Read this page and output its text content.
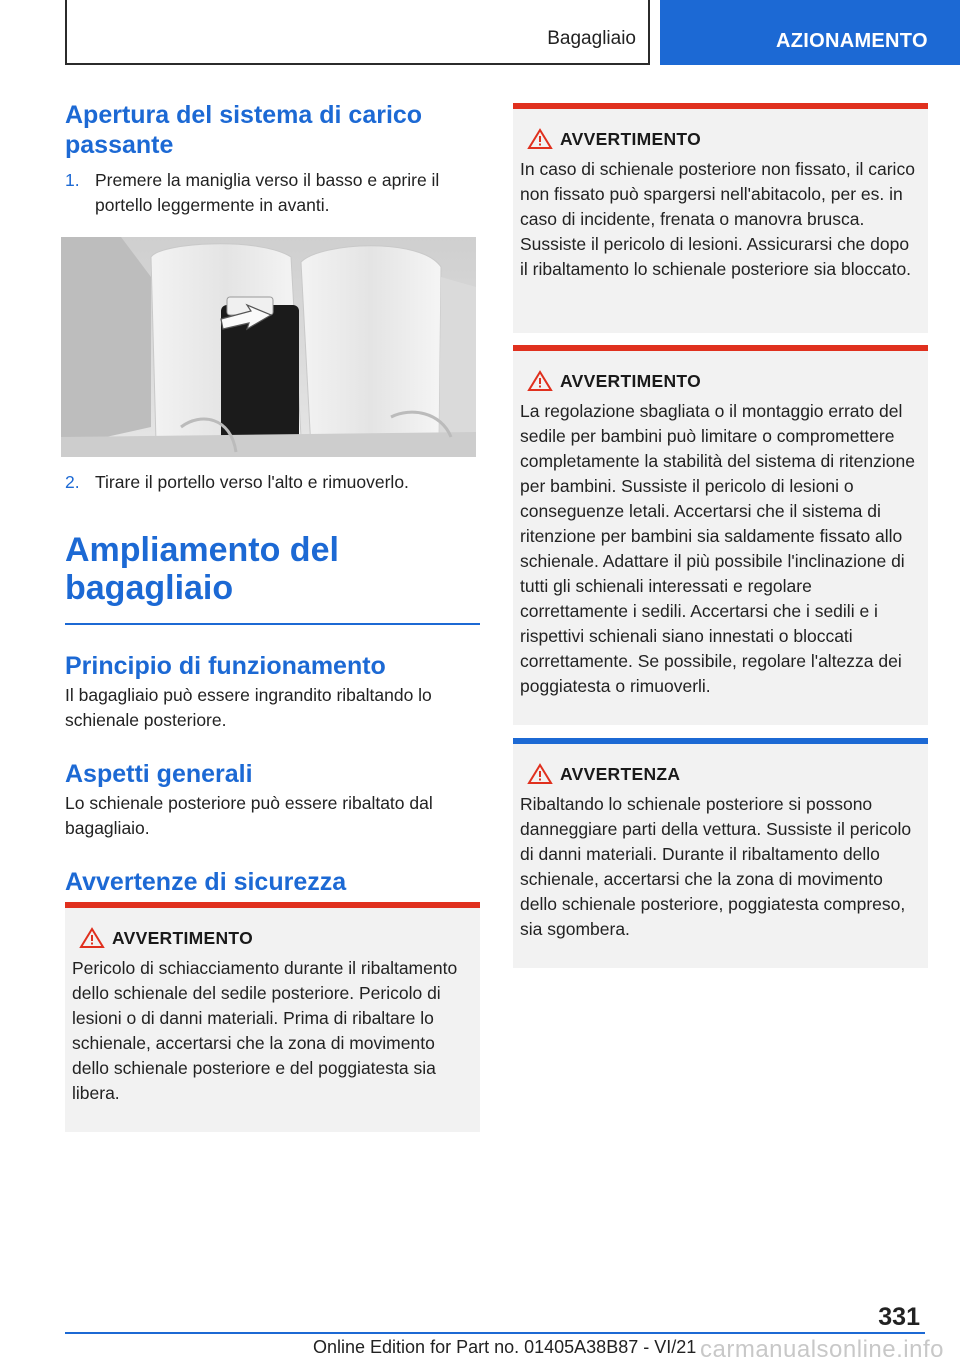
Bagagliaio	AZIONAMENTO
Apertura del sistema di carico passante
1. Premere la maniglia verso il basso e aprire il portello leggermente in avanti.
2. Tirare il portello verso l'alto e rimuoverlo.
Ampliamento del bagagliaio
Principio di funzionamento

Il bagagliaio può essere ingrandito ribaltando lo schienale posteriore.

Aspetti generali

Lo schienale posteriore può essere ribaltato dal bagagliaio.

Avvertenze di sicurezza
AVVERTIMENTO

Pericolo di schiacciamento durante il ribaltamento dello schienale del sedile posteriore. Pericolo di lesioni o di danni materiali. Prima di ribaltare lo schienale, accertarsi che la zona di movimento dello schienale posteriore e del poggiatesta sia libera.

AVVERTIMENTO

In caso di schienale posteriore non fissato, il carico non fissato può spargersi nell'abitacolo, per es. in caso di incidente, frenata o manovra brusca. Sussiste il pericolo di lesioni. Assicurarsi che dopo il ribaltamento lo schienale posteriore sia bloccato.

AVVERTIMENTO

La regolazione sbagliata o il montaggio errato del sedile per bambini può limitare o compromettere completamente la stabilità del sistema di ritenzione per bambini. Sussiste il pericolo di lesioni o conseguenze letali. Accertarsi che il sistema di ritenzione per bambini sia saldamente fissato allo schienale. Adattare il più possibile l'inclinazione di tutti gli schienali interessati e regolare correttamente i sedili. Accertarsi che i sedili e i rispettivi schienali siano innestati o bloccati correttamente. Se possibile, regolare l'altezza dei poggiatesta o rimuoverli.

AVVERTENZA

Ribaltando lo schienale posteriore si possono danneggiare parti della vettura. Sussiste il pericolo di danni materiali. Durante il ribaltamento dello schienale, accertarsi che la zona di movimento dello schienale posteriore, poggiatesta compreso, sia sgombera.

331
Online Edition for Part no. 01405A38B87 - VI/21 carmanualsonline.info
